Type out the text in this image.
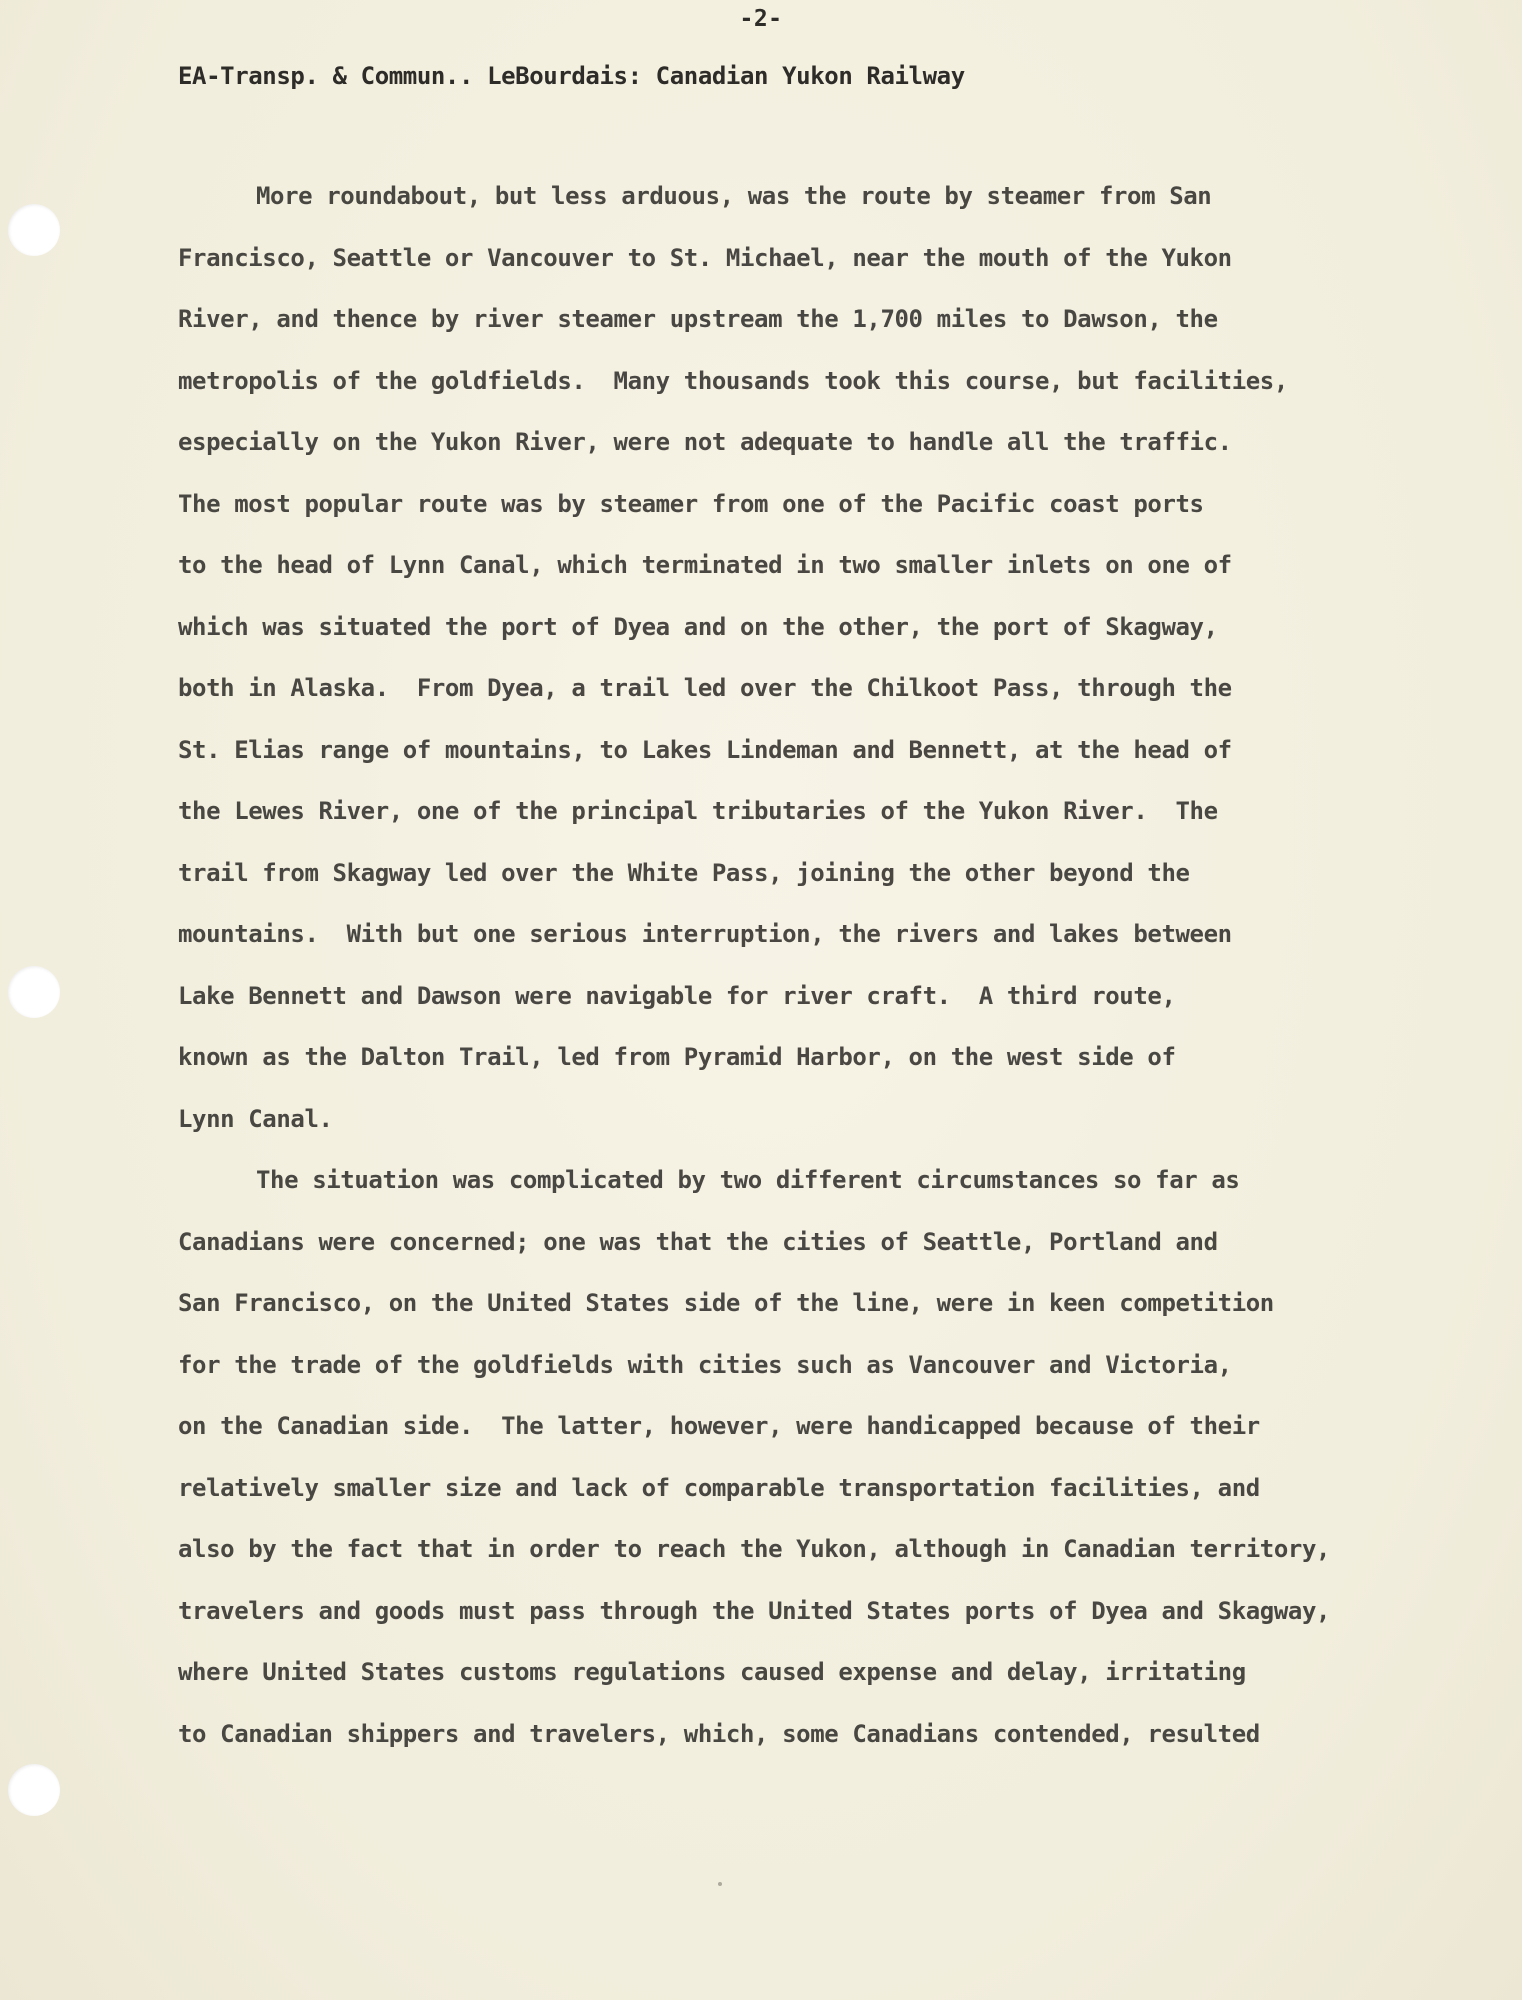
-2-
EA-Transp. & Commun.. LeBourdais: Canadian Yukon Railway
More roundabout, but less arduous, was the route by steamer from San
Francisco, Seattle or Vancouver to St. Michael, near the mouth of the Yukon
River, and thence by river steamer upstream the 1,700 miles to Dawson, the
metropolis of the goldfields.  Many thousands took this course, but facilities,
especially on the Yukon River, were not adequate to handle all the traffic.
The most popular route was by steamer from one of the Pacific coast ports
to the head of Lynn Canal, which terminated in two smaller inlets on one of
which was situated the port of Dyea and on the other, the port of Skagway,
both in Alaska.  From Dyea, a trail led over the Chilkoot Pass, through the
St. Elias range of mountains, to Lakes Lindeman and Bennett, at the head of
the Lewes River, one of the principal tributaries of the Yukon River.  The
trail from Skagway led over the White Pass, joining the other beyond the
mountains.  With but one serious interruption, the rivers and lakes between
Lake Bennett and Dawson were navigable for river craft.  A third route,
known as the Dalton Trail, led from Pyramid Harbor, on the west side of
Lynn Canal.
The situation was complicated by two different circumstances so far as
Canadians were concerned; one was that the cities of Seattle, Portland and
San Francisco, on the United States side of the line, were in keen competition
for the trade of the goldfields with cities such as Vancouver and Victoria,
on the Canadian side.  The latter, however, were handicapped because of their
relatively smaller size and lack of comparable transportation facilities, and
also by the fact that in order to reach the Yukon, although in Canadian territory,
travelers and goods must pass through the United States ports of Dyea and Skagway,
where United States customs regulations caused expense and delay, irritating
to Canadian shippers and travelers, which, some Canadians contended, resulted
